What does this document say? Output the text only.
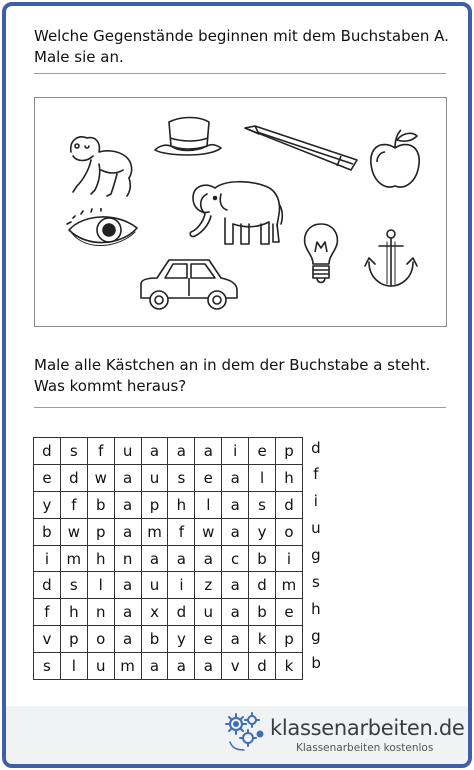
Welche Gegenstände beginnen mit dem Buchstaben A.
Male sie an.
Male alle Kästchen an in dem der Buchstabe a steht.
Was kommt heraus?
d	s	f	u	a	a	a	i	e	p	d
e	d	w	a	u	s	e	a	l	h	f
y	f	b	a	p	h	l	a	s	d	i
b	w	p	a	m	f	w	a	y	o	u
i	m	h	n	a	a	a	c	b	i	g
d	s	l	a	u	i	z	a	d	m	s
f	h	n	a	x	d	u	a	b	e	h
v	p	o	a	b	y	e	a	k	p	g
s	l	u	m	a	a	a	v	d	k	b
klassenarbeiten.de
Klassenarbeiten kostenlos
